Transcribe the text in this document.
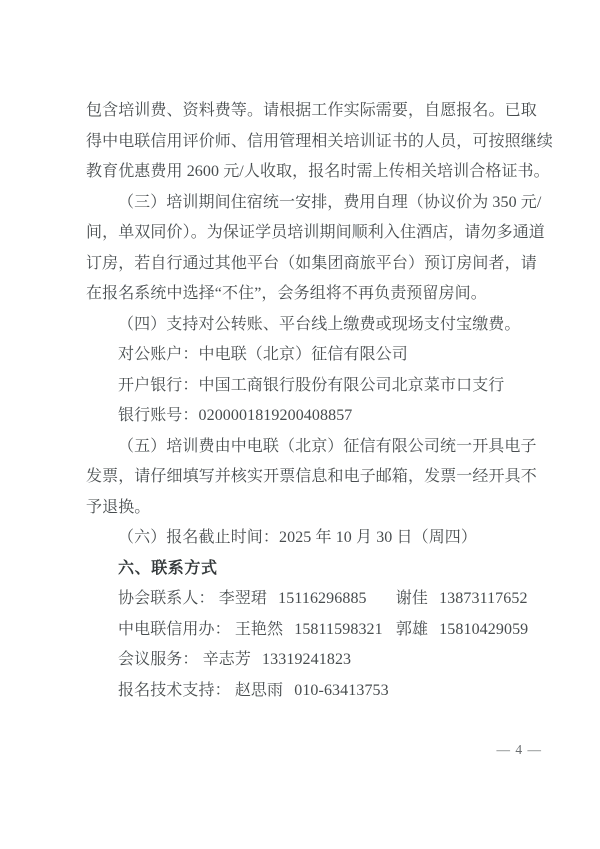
包含培训费、资料费等。请根据工作实际需要，自愿报名。已取
得中电联信用评价师、信用管理相关培训证书的人员，可按照继续
教育优惠费用 2600 元/人收取，报名时需上传相关培训合格证书。
（三）培训期间住宿统一安排，费用自理（协议价为 350 元/
间，单双同价）。为保证学员培训期间顺利入住酒店，请勿多通道
订房，若自行通过其他平台（如集团商旅平台）预订房间者，请
在报名系统中选择“不住”，会务组将不再负责预留房间。
（四）支持对公转账、平台线上缴费或现场支付宝缴费。
对公账户：中电联（北京）征信有限公司
开户银行：中国工商银行股份有限公司北京菜市口支行
银行账号：0200001819200408857
（五）培训费由中电联（北京）征信有限公司统一开具电子
发票，请仔细填写并核实开票信息和电子邮箱，发票一经开具不
予退换。
（六）报名截止时间：2025 年 10 月 30 日（周四）
六、联系方式
协会联系人： 李翌珺 15116296885 谢佳 13873117652
中电联信用办： 王艳然 15811598321 郭雄 15810429059
会议服务： 辛志芳 13319241823
报名技术支持： 赵思雨 010-63413753
— 4 —
